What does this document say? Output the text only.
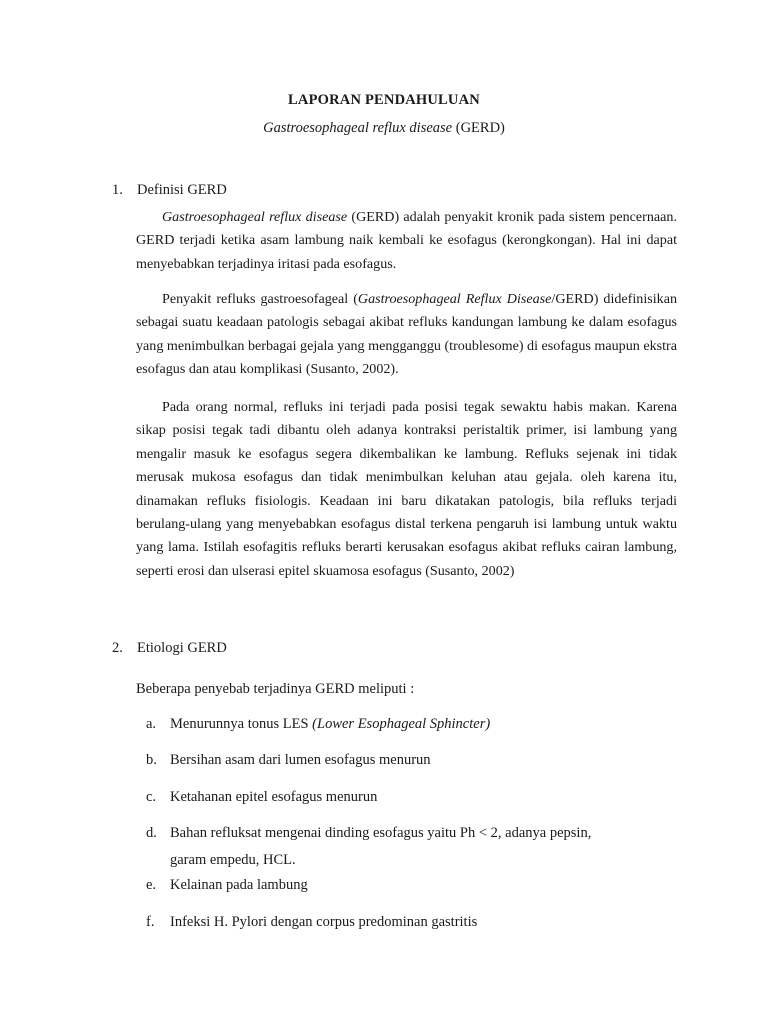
LAPORAN PENDAHULUAN
Gastroesophageal reflux disease (GERD)
1. Definisi GERD
Gastroesophageal reflux disease (GERD) adalah penyakit kronik pada sistem pencernaan. GERD terjadi ketika asam lambung naik kembali ke esofagus (kerongkongan). Hal ini dapat menyebabkan terjadinya iritasi pada esofagus.
Penyakit refluks gastroesofageal (Gastroesophageal Reflux Disease/GERD) didefinisikan sebagai suatu keadaan patologis sebagai akibat refluks kandungan lambung ke dalam esofagus yang menimbulkan berbagai gejala yang mengganggu (troublesome) di esofagus maupun ekstra esofagus dan atau komplikasi (Susanto, 2002).
Pada orang normal, refluks ini terjadi pada posisi tegak sewaktu habis makan. Karena sikap posisi tegak tadi dibantu oleh adanya kontraksi peristaltik primer, isi lambung yang mengalir masuk ke esofagus segera dikembalikan ke lambung. Refluks sejenak ini tidak merusak mukosa esofagus dan tidak menimbulkan keluhan atau gejala. oleh karena itu, dinamakan refluks fisiologis. Keadaan ini baru dikatakan patologis, bila refluks terjadi berulang-ulang yang menyebabkan esofagus distal terkena pengaruh isi lambung untuk waktu yang lama. Istilah esofagitis refluks berarti kerusakan esofagus akibat refluks cairan lambung, seperti erosi dan ulserasi epitel skuamosa esofagus (Susanto, 2002)
2. Etiologi GERD
Beberapa penyebab terjadinya GERD meliputi :
a. Menurunnya tonus LES (Lower Esophageal Sphincter)
b. Bersihan asam dari lumen esofagus menurun
c. Ketahanan epitel esofagus menurun
d. Bahan refluksat mengenai dinding esofagus yaitu Ph < 2, adanya pepsin,
garam empedu, HCL.
e. Kelainan pada lambung
f. Infeksi H. Pylori dengan corpus predominan gastritis
